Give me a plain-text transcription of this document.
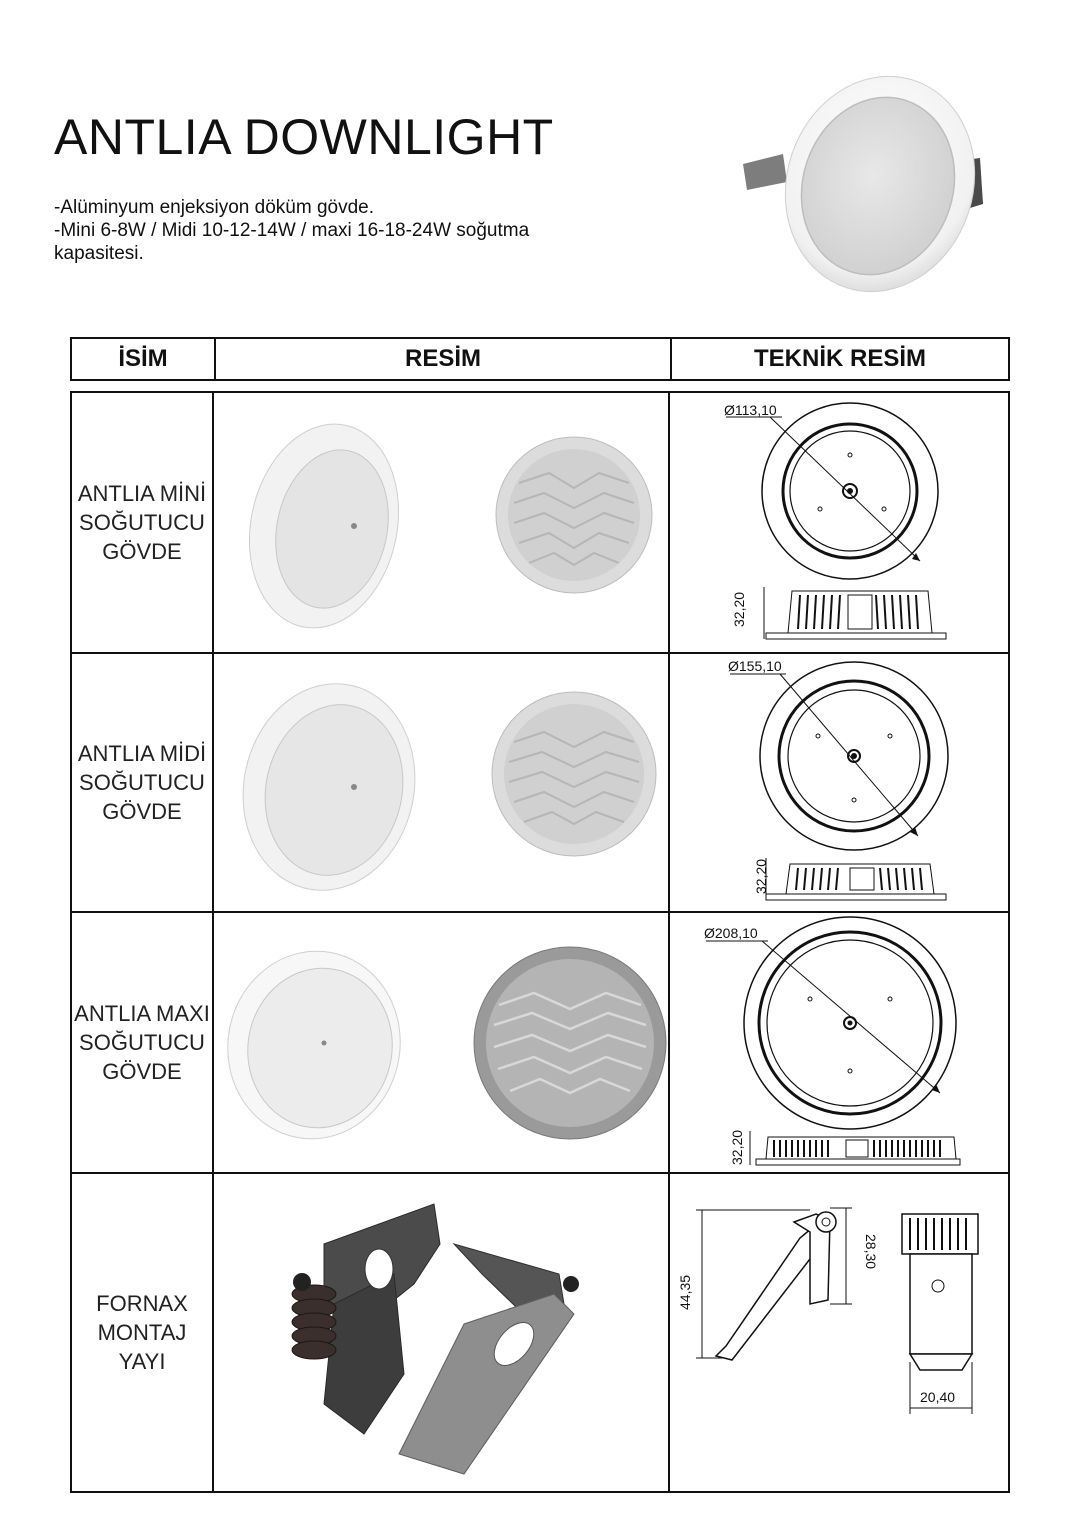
ANTLIA DOWNLIGHT
-Alüminyum enjeksiyon döküm gövde.
-Mini 6-8W / Midi 10-12-14W / maxi 16-18-24W soğutma
kapasitesi.
İSİM	RESİM	TEKNİK RESİM
ANTLIA MİNİ
SOĞUTUCU
GÖVDE
Ø113,10
32,20
ANTLIA MİDİ
SOĞUTUCU
GÖVDE
Ø155,10
32,20
ANTLIA MAXI
SOĞUTUCU
GÖVDE
Ø208,10
32,20
FORNAX
MONTAJ
YAYI
44,35
28,30
20,40
